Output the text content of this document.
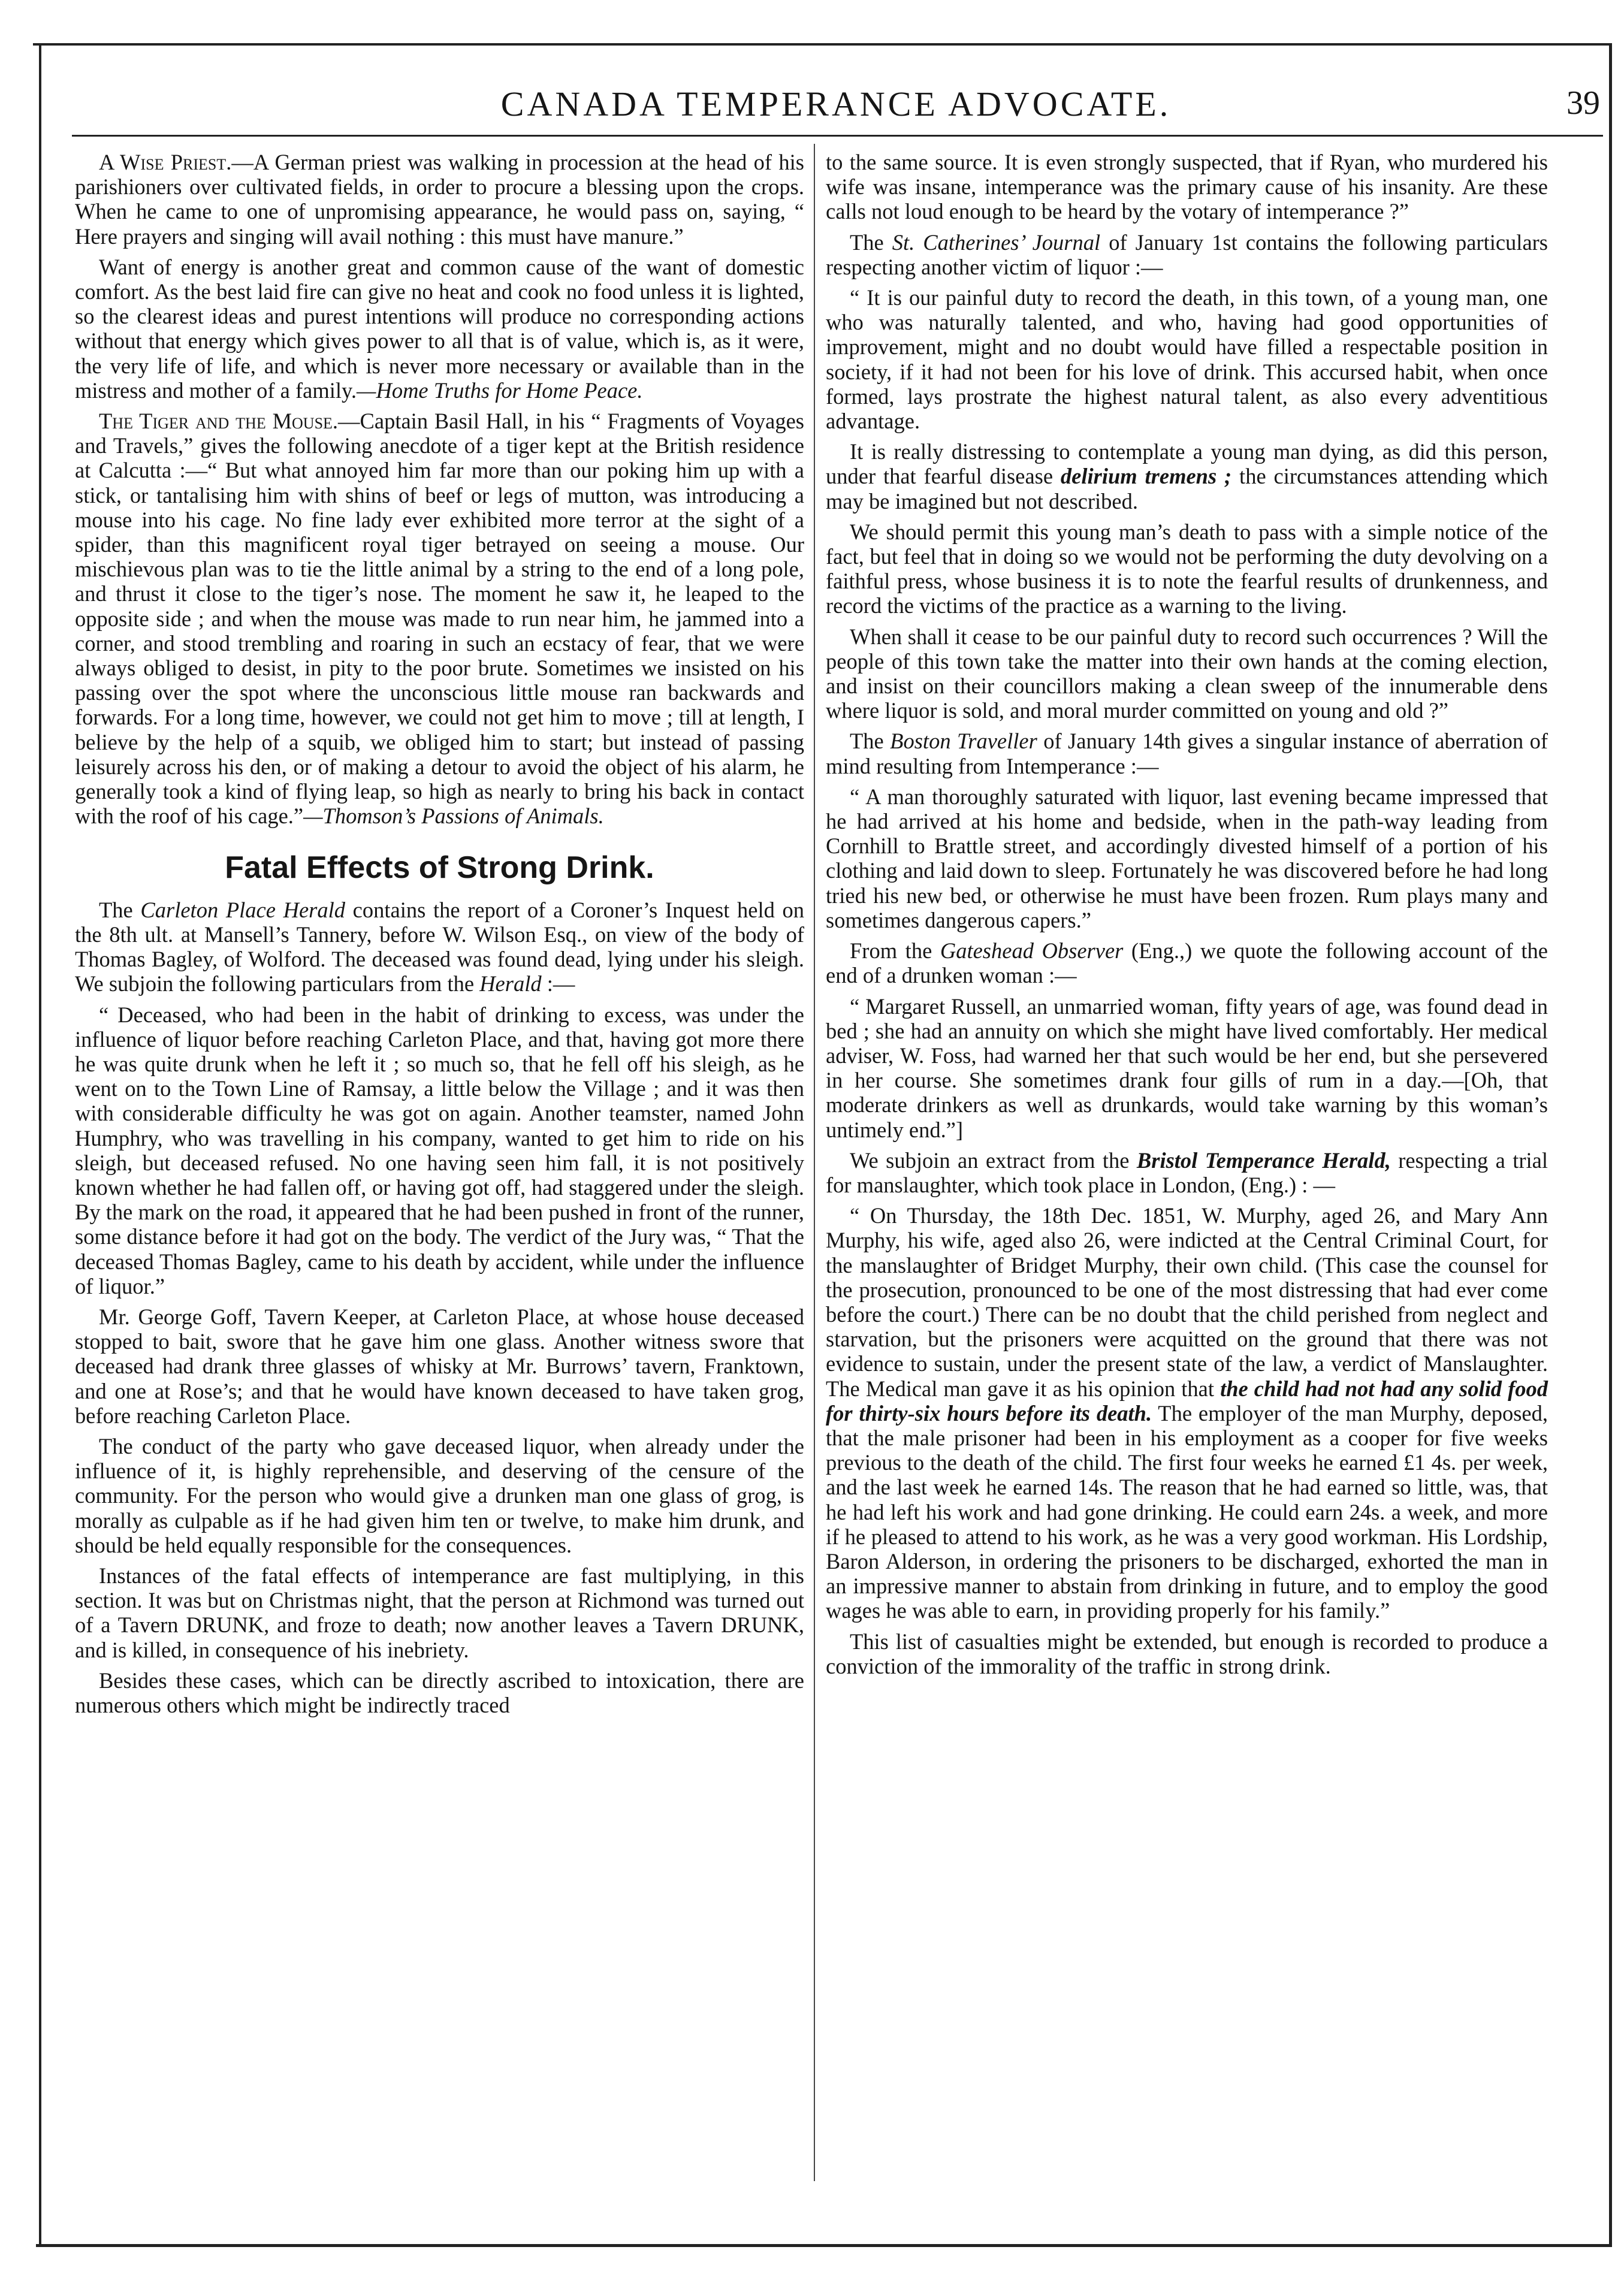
CANADA TEMPERANCE ADVOCATE.	39

A Wise Priest.—A German priest was walking in procession at the head of his parishioners over cultivated fields, in order to procure a blessing upon the crops. When he came to one of unpromising appearance, he would pass on, saying, “ Here prayers and singing will avail nothing : this must have manure.”

Want of energy is another great and common cause of the want of domestic comfort. As the best laid fire can give no heat and cook no food unless it is lighted, so the clearest ideas and purest intentions will produce no corresponding actions without that energy which gives power to all that is of value, which is, as it were, the very life of life, and which is never more necessary or available than in the mistress and mother of a family.—Home Truths for Home Peace.

The Tiger and the Mouse.—Captain Basil Hall, in his “ Fragments of Voyages and Travels,” gives the following anecdote of a tiger kept at the British residence at Calcutta :—“ But what annoyed him far more than our poking him up with a stick, or tantalising him with shins of beef or legs of mutton, was introducing a mouse into his cage. No fine lady ever exhibited more terror at the sight of a spider, than this magnificent royal tiger betrayed on seeing a mouse. Our mischievous plan was to tie the little animal by a string to the end of a long pole, and thrust it close to the tiger’s nose. The moment he saw it, he leaped to the opposite side ; and when the mouse was made to run near him, he jammed into a corner, and stood trembling and roaring in such an ecstacy of fear, that we were always obliged to desist, in pity to the poor brute. Sometimes we insisted on his passing over the spot where the unconscious little mouse ran backwards and forwards. For a long time, however, we could not get him to move ; till at length, I believe by the help of a squib, we obliged him to start; but instead of passing leisurely across his den, or of making a detour to avoid the object of his alarm, he generally took a kind of flying leap, so high as nearly to bring his back in contact with the roof of his cage.”—Thomson’s Passions of Animals.

Fatal Effects of Strong Drink.

The Carleton Place Herald contains the report of a Coroner’s Inquest held on the 8th ult. at Mansell’s Tannery, before W. Wilson Esq., on view of the body of Thomas Bagley, of Wolford. The deceased was found dead, lying under his sleigh. We subjoin the following particulars from the Herald :—

“ Deceased, who had been in the habit of drinking to excess, was under the influence of liquor before reaching Carleton Place, and that, having got more there he was quite drunk when he left it ; so much so, that he fell off his sleigh, as he went on to the Town Line of Ramsay, a little below the Village ; and it was then with considerable difficulty he was got on again. Another teamster, named John Humphry, who was travelling in his company, wanted to get him to ride on his sleigh, but deceased refused. No one having seen him fall, it is not positively known whether he had fallen off, or having got off, had staggered under the sleigh. By the mark on the road, it appeared that he had been pushed in front of the runner, some distance before it had got on the body. The verdict of the Jury was, “ That the deceased Thomas Bagley, came to his death by accident, while under the influence of liquor.”

Mr. George Goff, Tavern Keeper, at Carleton Place, at whose house deceased stopped to bait, swore that he gave him one glass. Another witness swore that deceased had drank three glasses of whisky at Mr. Burrows’ tavern, Franktown, and one at Rose’s; and that he would have known deceased to have taken grog, before reaching Carleton Place.

The conduct of the party who gave deceased liquor, when already under the influence of it, is highly reprehensible, and deserving of the censure of the community. For the person who would give a drunken man one glass of grog, is morally as culpable as if he had given him ten or twelve, to make him drunk, and should be held equally responsible for the consequences.

Instances of the fatal effects of intemperance are fast multiplying, in this section. It was but on Christmas night, that the person at Richmond was turned out of a Tavern DRUNK, and froze to death; now another leaves a Tavern DRUNK, and is killed, in consequence of his inebriety.

Besides these cases, which can be directly ascribed to intoxication, there are numerous others which might be indirectly traced

to the same source. It is even strongly suspected, that if Ryan, who murdered his wife was insane, intemperance was the primary cause of his insanity. Are these calls not loud enough to be heard by the votary of intemperance ?”

The St. Catherines’ Journal of January 1st contains the following particulars respecting another victim of liquor :—

“ It is our painful duty to record the death, in this town, of a young man, one who was naturally talented, and who, having had good opportunities of improvement, might and no doubt would have filled a respectable position in society, if it had not been for his love of drink. This accursed habit, when once formed, lays prostrate the highest natural talent, as also every adventitious advantage.

It is really distressing to contemplate a young man dying, as did this person, under that fearful disease delirium tremens ; the circumstances attending which may be imagined but not described.

We should permit this young man’s death to pass with a simple notice of the fact, but feel that in doing so we would not be performing the duty devolving on a faithful press, whose business it is to note the fearful results of drunkenness, and record the victims of the practice as a warning to the living.

When shall it cease to be our painful duty to record such occurrences ? Will the people of this town take the matter into their own hands at the coming election, and insist on their councillors making a clean sweep of the innumerable dens where liquor is sold, and moral murder committed on young and old ?”

The Boston Traveller of January 14th gives a singular instance of aberration of mind resulting from Intemperance :—

“ A man thoroughly saturated with liquor, last evening became impressed that he had arrived at his home and bedside, when in the path-way leading from Cornhill to Brattle street, and accordingly divested himself of a portion of his clothing and laid down to sleep. Fortunately he was discovered before he had long tried his new bed, or otherwise he must have been frozen. Rum plays many and sometimes dangerous capers.”

From the Gateshead Observer (Eng.,) we quote the following account of the end of a drunken woman :—

“ Margaret Russell, an unmarried woman, fifty years of age, was found dead in bed ; she had an annuity on which she might have lived comfortably. Her medical adviser, W. Foss, had warned her that such would be her end, but she persevered in her course. She sometimes drank four gills of rum in a day.—[Oh, that moderate drinkers as well as drunkards, would take warning by this woman’s untimely end.”]

We subjoin an extract from the Bristol Temperance Herald, respecting a trial for manslaughter, which took place in London, (Eng.) : —

“ On Thursday, the 18th Dec. 1851, W. Murphy, aged 26, and Mary Ann Murphy, his wife, aged also 26, were indicted at the Central Criminal Court, for the manslaughter of Bridget Murphy, their own child. (This case the counsel for the prosecution, pronounced to be one of the most distressing that had ever come before the court.) There can be no doubt that the child perished from neglect and starvation, but the prisoners were acquitted on the ground that there was not evidence to sustain, under the present state of the law, a verdict of Manslaughter. The Medical man gave it as his opinion that the child had not had any solid food for thirty-six hours before its death. The employer of the man Murphy, deposed, that the male prisoner had been in his employment as a cooper for five weeks previous to the death of the child. The first four weeks he earned £1 4s. per week, and the last week he earned 14s. The reason that he had earned so little, was, that he had left his work and had gone drinking. He could earn 24s. a week, and more if he pleased to attend to his work, as he was a very good workman. His Lordship, Baron Alderson, in ordering the prisoners to be discharged, exhorted the man in an impressive manner to abstain from drinking in future, and to employ the good wages he was able to earn, in providing properly for his family.”

This list of casualties might be extended, but enough is recorded to produce a conviction of the immorality of the traffic in strong drink.
